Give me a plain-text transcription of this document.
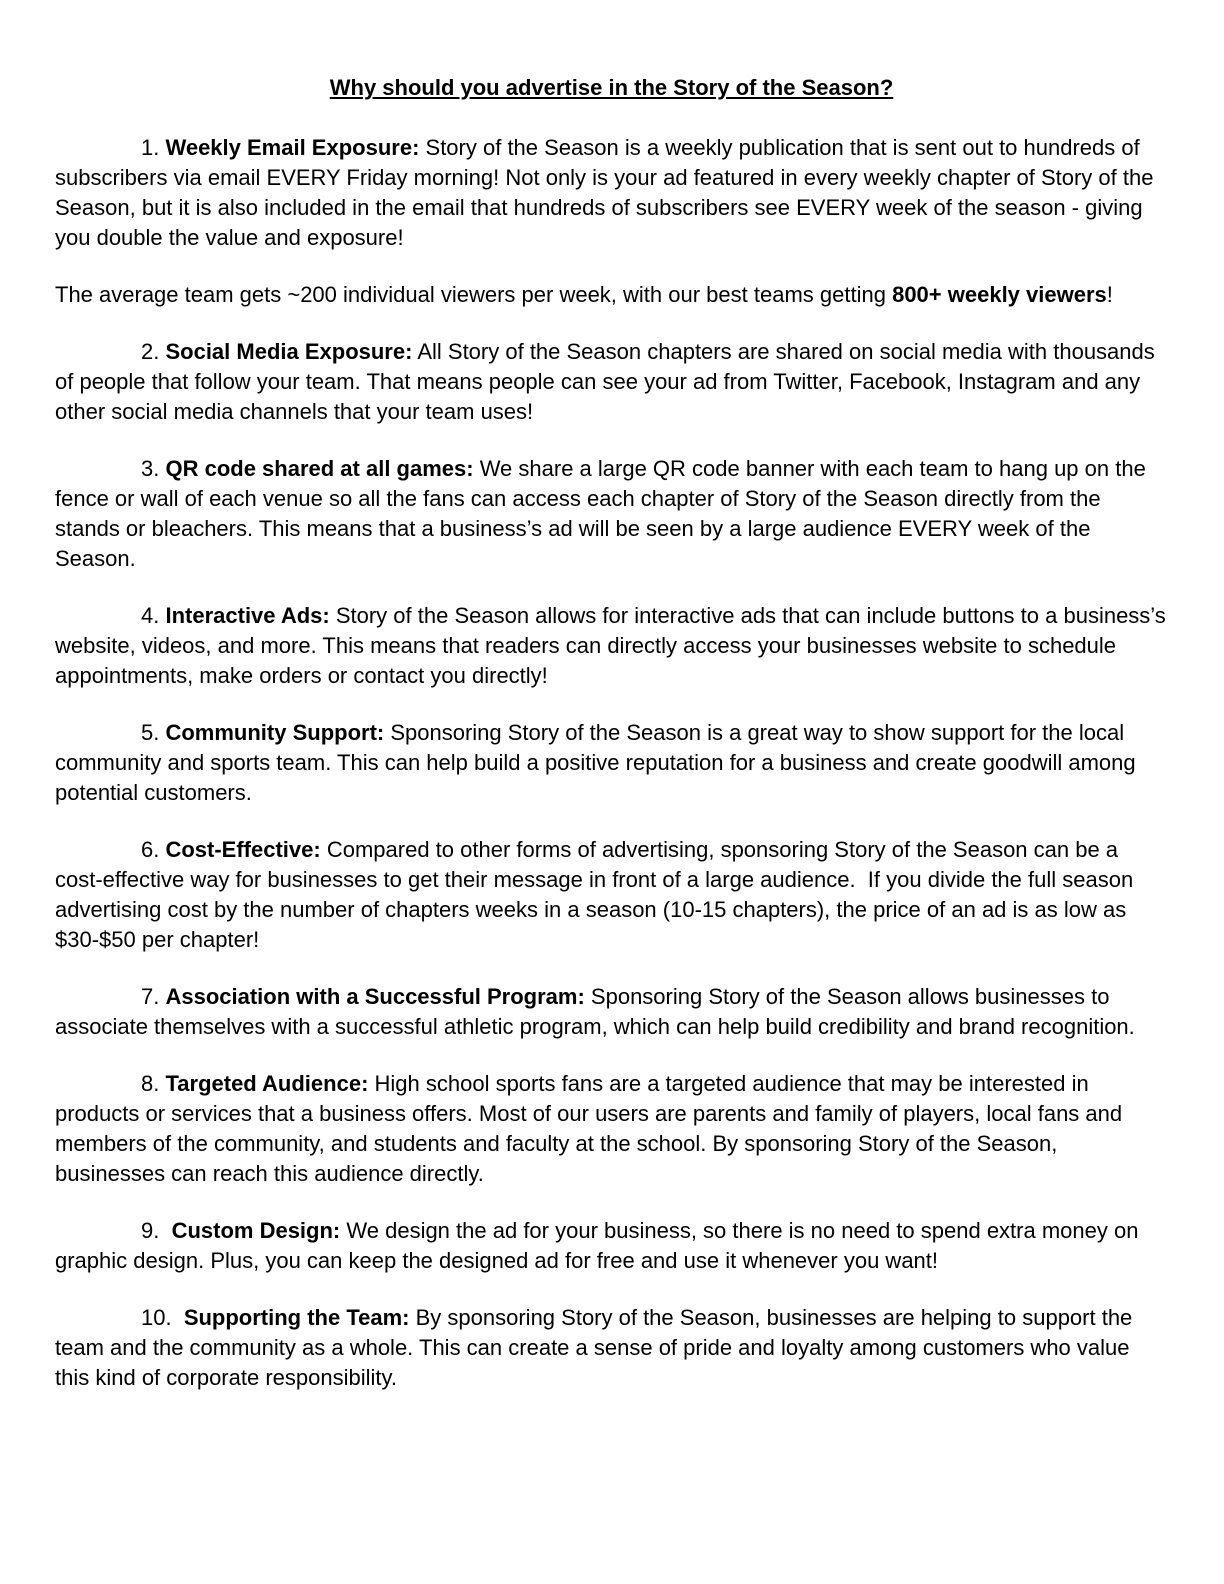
Why should you advertise in the Story of the Season?

1. Weekly Email Exposure: Story of the Season is a weekly publication that is sent out to hundreds of subscribers via email EVERY Friday morning! Not only is your ad featured in every weekly chapter of Story of the Season, but it is also included in the email that hundreds of subscribers see EVERY week of the season - giving you double the value and exposure!

The average team gets ~200 individual viewers per week, with our best teams getting 800+ weekly viewers!

2. Social Media Exposure: All Story of the Season chapters are shared on social media with thousands of people that follow your team. That means people can see your ad from Twitter, Facebook, Instagram and any other social media channels that your team uses!

3. QR code shared at all games: We share a large QR code banner with each team to hang up on the fence or wall of each venue so all the fans can access each chapter of Story of the Season directly from the stands or bleachers. This means that a business’s ad will be seen by a large audience EVERY week of the Season.

4. Interactive Ads: Story of the Season allows for interactive ads that can include buttons to a business’s website, videos, and more. This means that readers can directly access your businesses website to schedule appointments, make orders or contact you directly!

5. Community Support: Sponsoring Story of the Season is a great way to show support for the local community and sports team. This can help build a positive reputation for a business and create goodwill among potential customers.

6. Cost-Effective: Compared to other forms of advertising, sponsoring Story of the Season can be a cost-effective way for businesses to get their message in front of a large audience.  If you divide the full season advertising cost by the number of chapters weeks in a season (10-15 chapters), the price of an ad is as low as $30-$50 per chapter!

7. Association with a Successful Program: Sponsoring Story of the Season allows businesses to associate themselves with a successful athletic program, which can help build credibility and brand recognition.

8. Targeted Audience: High school sports fans are a targeted audience that may be interested in products or services that a business offers. Most of our users are parents and family of players, local fans and members of the community, and students and faculty at the school. By sponsoring Story of the Season, businesses can reach this audience directly.

9.  Custom Design: We design the ad for your business, so there is no need to spend extra money on graphic design. Plus, you can keep the designed ad for free and use it whenever you want!

10.  Supporting the Team: By sponsoring Story of the Season, businesses are helping to support the team and the community as a whole. This can create a sense of pride and loyalty among customers who value this kind of corporate responsibility.
